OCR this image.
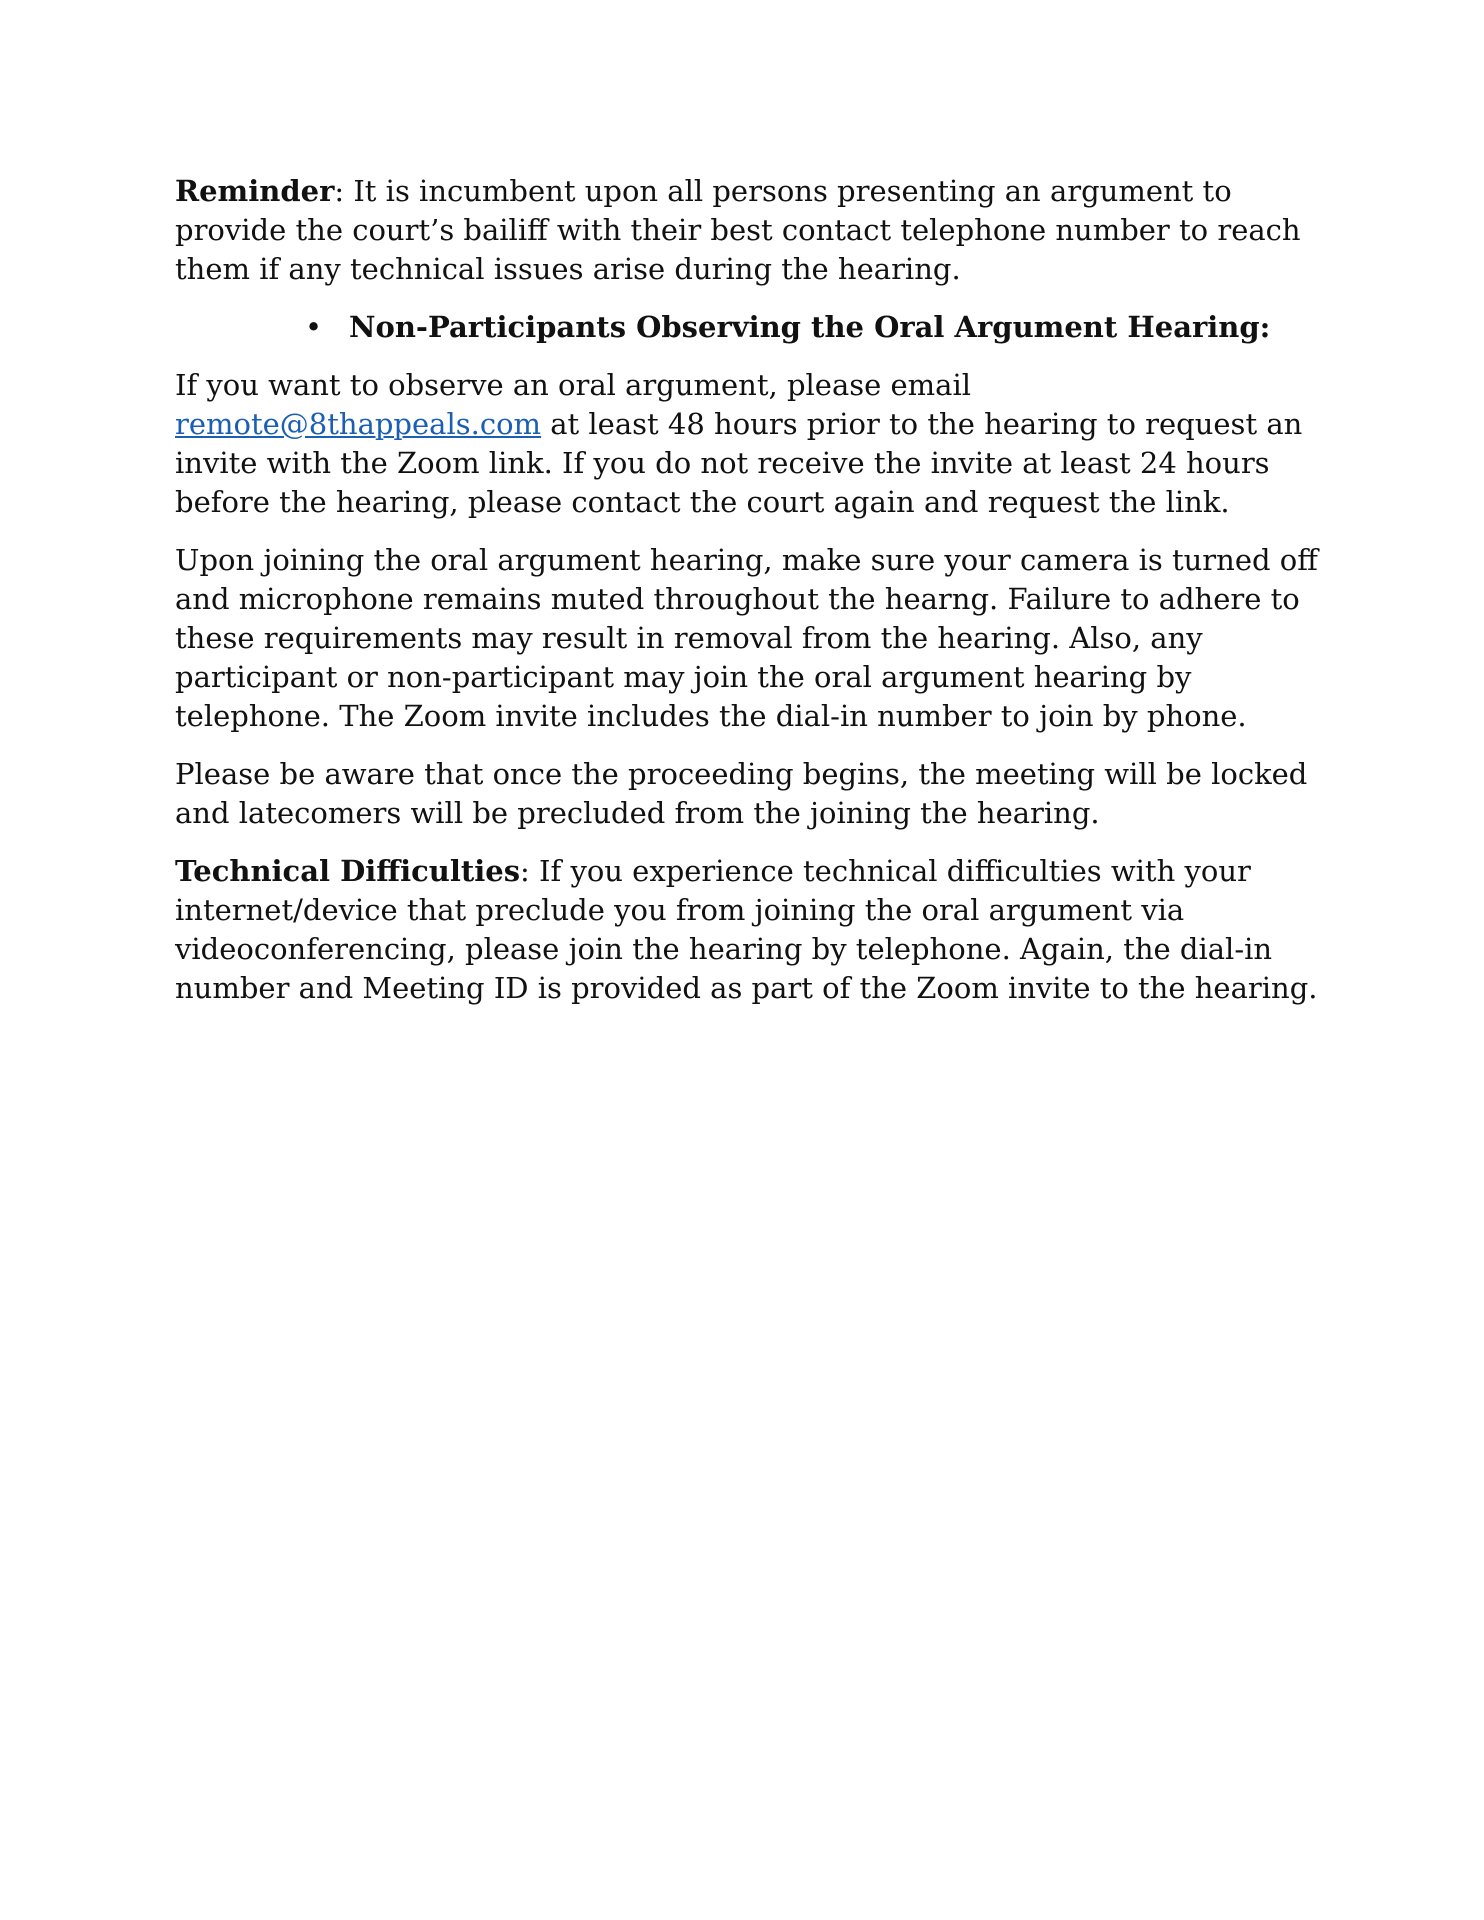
Reminder: It is incumbent upon all persons presenting an argument to provide the court’s bailiff with their best contact telephone number to reach them if any technical issues arise during the hearing.

• Non-Participants Observing the Oral Argument Hearing:

If you want to observe an oral argument, please email remote@8thappeals.com at least 48 hours prior to the hearing to request an invite with the Zoom link. If you do not receive the invite at least 24 hours before the hearing, please contact the court again and request the link.

Upon joining the oral argument hearing, make sure your camera is turned off and microphone remains muted throughout the hearng. Failure to adhere to these requirements may result in removal from the hearing. Also, any participant or non-participant may join the oral argument hearing by telephone. The Zoom invite includes the dial-in number to join by phone.

Please be aware that once the proceeding begins, the meeting will be locked and latecomers will be precluded from the joining the hearing.

Technical Difficulties: If you experience technical difficulties with your internet/device that preclude you from joining the oral argument via videoconferencing, please join the hearing by telephone. Again, the dial-in number and Meeting ID is provided as part of the Zoom invite to the hearing.
